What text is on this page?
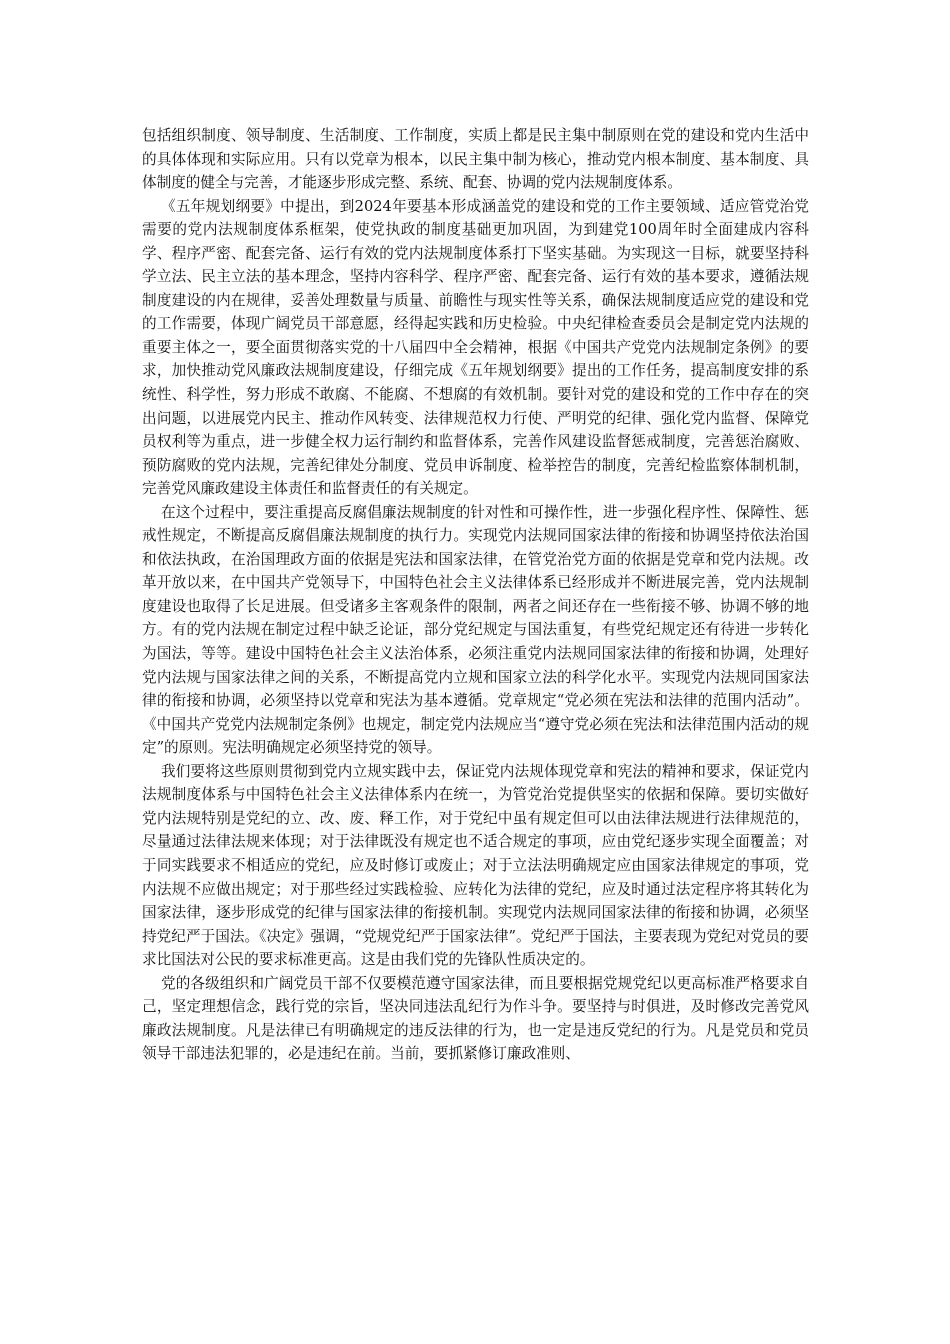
包括组织制度、领导制度、生活制度、工作制度，实质上都是民主集中制原则在党的建设和党内生活中的具体体现和实际应用。只有以党章为根本，以民主集中制为核心，推动党内根本制度、基本制度、具体制度的健全与完善，才能逐步形成完整、系统、配套、协调的党内法规制度体系。

《五年规划纲要》中提出，到2024年要基本形成涵盖党的建设和党的工作主要领域、适应管党治党需要的党内法规制度体系框架，使党执政的制度基础更加巩固，为到建党100周年时全面建成内容科学、程序严密、配套完备、运行有效的党内法规制度体系打下坚实基础。为实现这一目标，就要坚持科学立法、民主立法的基本理念，坚持内容科学、程序严密、配套完备、运行有效的基本要求，遵循法规制度建设的内在规律，妥善处理数量与质量、前瞻性与现实性等关系，确保法规制度适应党的建设和党的工作需要，体现广阔党员干部意愿，经得起实践和历史检验。中央纪律检查委员会是制定党内法规的重要主体之一，要全面贯彻落实党的十八届四中全会精神，根据《中国共产党党内法规制定条例》的要求，加快推动党风廉政法规制度建设，仔细完成《五年规划纲要》提出的工作任务，提高制度安排的系统性、科学性，努力形成不敢腐、不能腐、不想腐的有效机制。要针对党的建设和党的工作中存在的突出问题，以进展党内民主、推动作风转变、法律规范权力行使、严明党的纪律、强化党内监督、保障党员权利等为重点，进一步健全权力运行制约和监督体系，完善作风建设监督惩戒制度，完善惩治腐败、预防腐败的党内法规，完善纪律处分制度、党员申诉制度、检举控告的制度，完善纪检监察体制机制，完善党风廉政建设主体责任和监督责任的有关规定。

在这个过程中，要注重提高反腐倡廉法规制度的针对性和可操作性，进一步强化程序性、保障性、惩戒性规定，不断提高反腐倡廉法规制度的执行力。实现党内法规同国家法律的衔接和协调坚持依法治国和依法执政，在治国理政方面的依据是宪法和国家法律，在管党治党方面的依据是党章和党内法规。改革开放以来，在中国共产党领导下，中国特色社会主义法律体系已经形成并不断进展完善，党内法规制度建设也取得了长足进展。但受诸多主客观条件的限制，两者之间还存在一些衔接不够、协调不够的地方。有的党内法规在制定过程中缺乏论证，部分党纪规定与国法重复，有些党纪规定还有待进一步转化为国法，等等。建设中国特色社会主义法治体系，必须注重党内法规同国家法律的衔接和协调，处理好党内法规与国家法律之间的关系，不断提高党内立规和国家立法的科学化水平。实现党内法规同国家法律的衔接和协调，必须坚持以党章和宪法为基本遵循。党章规定“党必须在宪法和法律的范围内活动”。《中国共产党党内法规制定条例》也规定，制定党内法规应当“遵守党必须在宪法和法律范围内活动的规定”的原则。宪法明确规定必须坚持党的领导。

我们要将这些原则贯彻到党内立规实践中去，保证党内法规体现党章和宪法的精神和要求，保证党内法规制度体系与中国特色社会主义法律体系内在统一，为管党治党提供坚实的依据和保障。要切实做好党内法规特别是党纪的立、改、废、释工作，对于党纪中虽有规定但可以由法律法规进行法律规范的，尽量通过法律法规来体现；对于法律既没有规定也不适合规定的事项，应由党纪逐步实现全面覆盖；对于同实践要求不相适应的党纪，应及时修订或废止；对于立法法明确规定应由国家法律规定的事项，党内法规不应做出规定；对于那些经过实践检验、应转化为法律的党纪，应及时通过法定程序将其转化为国家法律，逐步形成党的纪律与国家法律的衔接机制。实现党内法规同国家法律的衔接和协调，必须坚持党纪严于国法。《决定》强调，“党规党纪严于国家法律”。党纪严于国法，主要表现为党纪对党员的要求比国法对公民的要求标准更高。这是由我们党的先锋队性质决定的。

党的各级组织和广阔党员干部不仅要模范遵守国家法律，而且要根据党规党纪以更高标准严格要求自己，坚定理想信念，践行党的宗旨，坚决同违法乱纪行为作斗争。要坚持与时俱进，及时修改完善党风廉政法规制度。凡是法律已有明确规定的违反法律的行为，也一定是违反党纪的行为。凡是党员和党员领导干部违法犯罪的，必是违纪在前。当前，要抓紧修订廉政准则、
